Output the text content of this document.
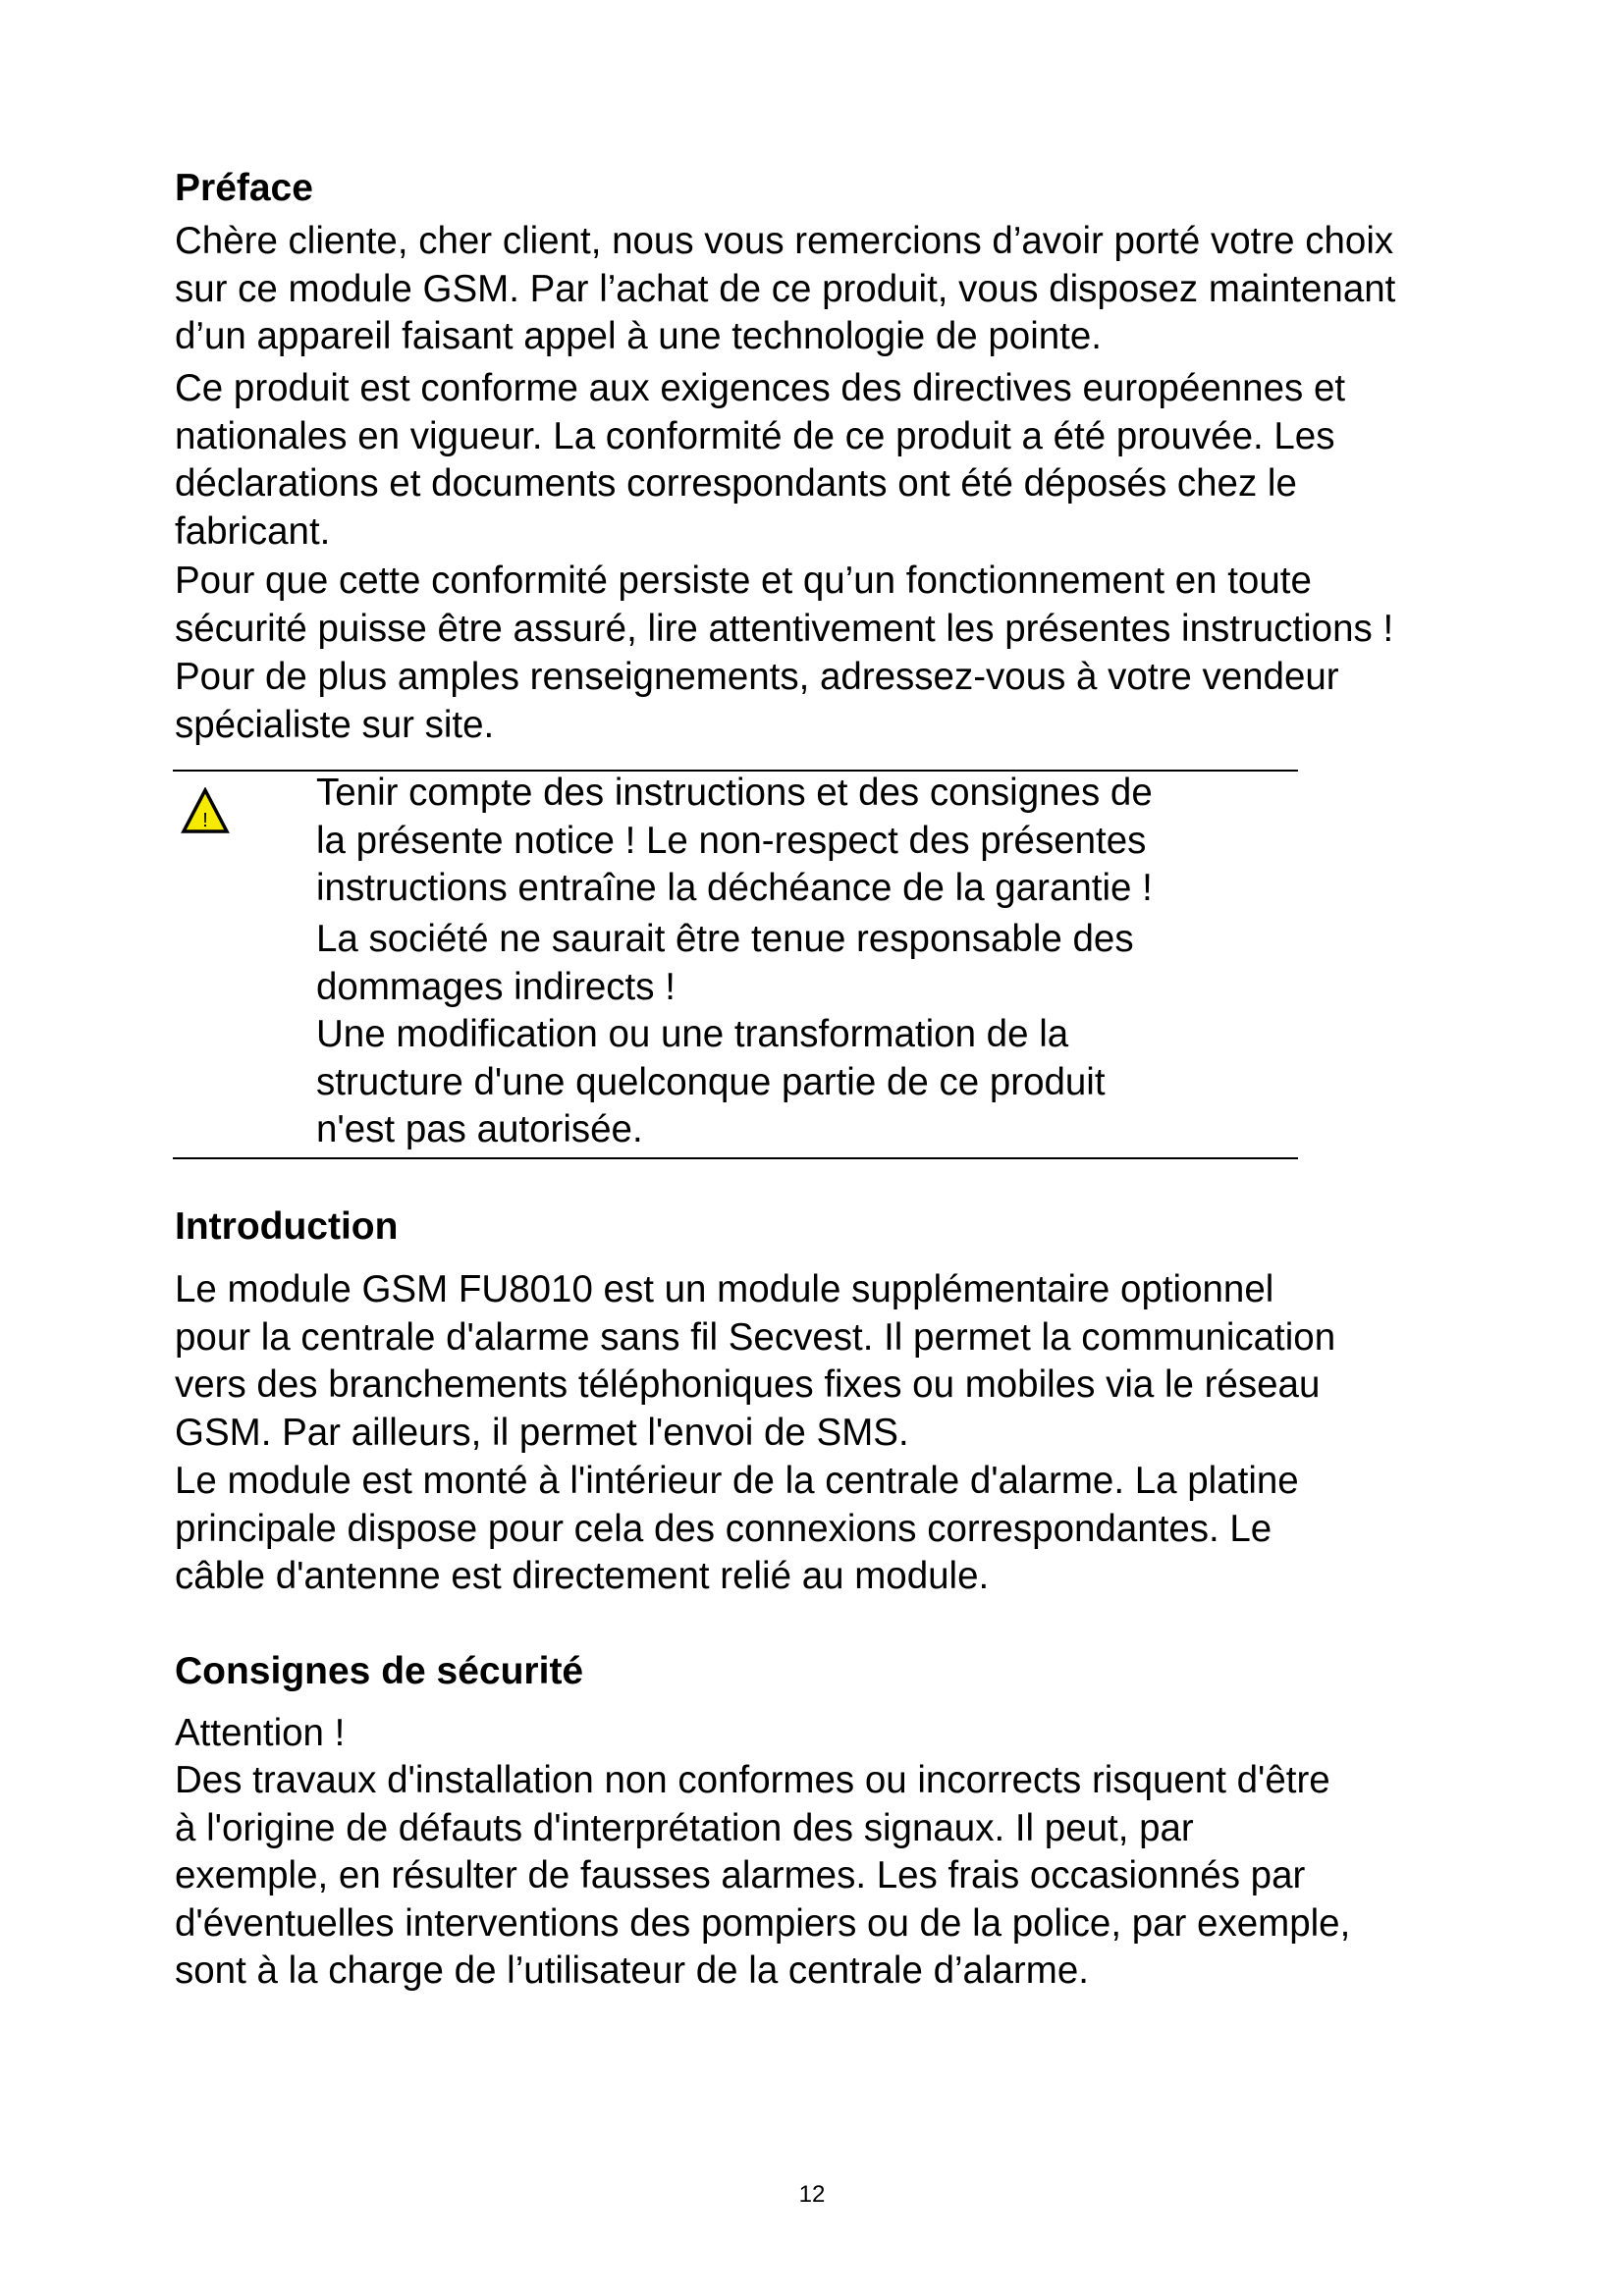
Préface

Chère cliente, cher client, nous vous remercions d’avoir porté votre choix
sur ce module GSM. Par l’achat de ce produit, vous disposez maintenant
d’un appareil faisant appel à une technologie de pointe.

Ce produit est conforme aux exigences des directives européennes et
nationales en vigueur. La conformité de ce produit a été prouvée. Les
déclarations et documents correspondants ont été déposés chez le
fabricant.

Pour que cette conformité persiste et qu’un fonctionnement en toute
sécurité puisse être assuré, lire attentivement les présentes instructions !

Pour de plus amples renseignements, adressez-vous à votre vendeur
spécialiste sur site.

!

Tenir compte des instructions et des consignes de
la présente notice ! Le non-respect des présentes
instructions entraîne la déchéance de la garantie !

La société ne saurait être tenue responsable des
dommages indirects !

Une modification ou une transformation de la
structure d'une quelconque partie de ce produit
n'est pas autorisée.

Introduction

Le module GSM FU8010 est un module supplémentaire optionnel
pour la centrale d'alarme sans fil Secvest. Il permet la communication
vers des branchements téléphoniques fixes ou mobiles via le réseau
GSM. Par ailleurs, il permet l'envoi de SMS.

Le module est monté à l'intérieur de la centrale d'alarme. La platine
principale dispose pour cela des connexions correspondantes. Le
câble d'antenne est directement relié au module.

Consignes de sécurité

Attention !

Des travaux d'installation non conformes ou incorrects risquent d'être
à l'origine de défauts d'interprétation des signaux. Il peut, par
exemple, en résulter de fausses alarmes. Les frais occasionnés par
d'éventuelles interventions des pompiers ou de la police, par exemple,
sont à la charge de l’utilisateur de la centrale d’alarme.

12
